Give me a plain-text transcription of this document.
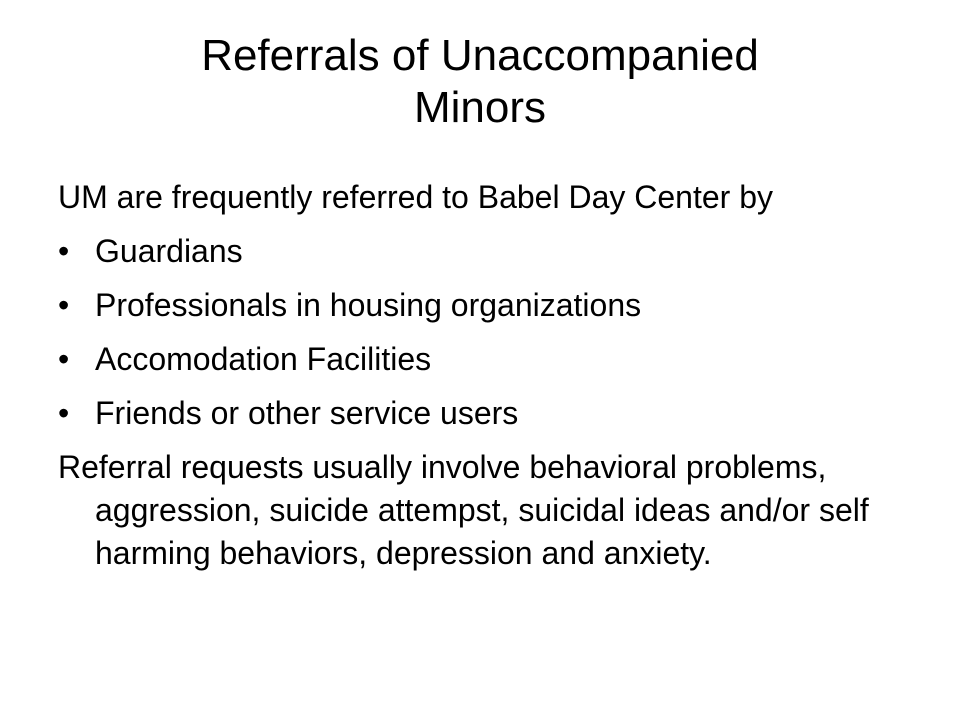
Referrals of Unaccompanied
Minors

UM are frequently referred to Babel Day Center by

• Guardians
• Professionals in housing organizations
• Accomodation Facilities
• Friends or other service users

Referral requests usually involve behavioral problems, aggression, suicide attempst, suicidal ideas and/or self harming behaviors, depression and anxiety.
